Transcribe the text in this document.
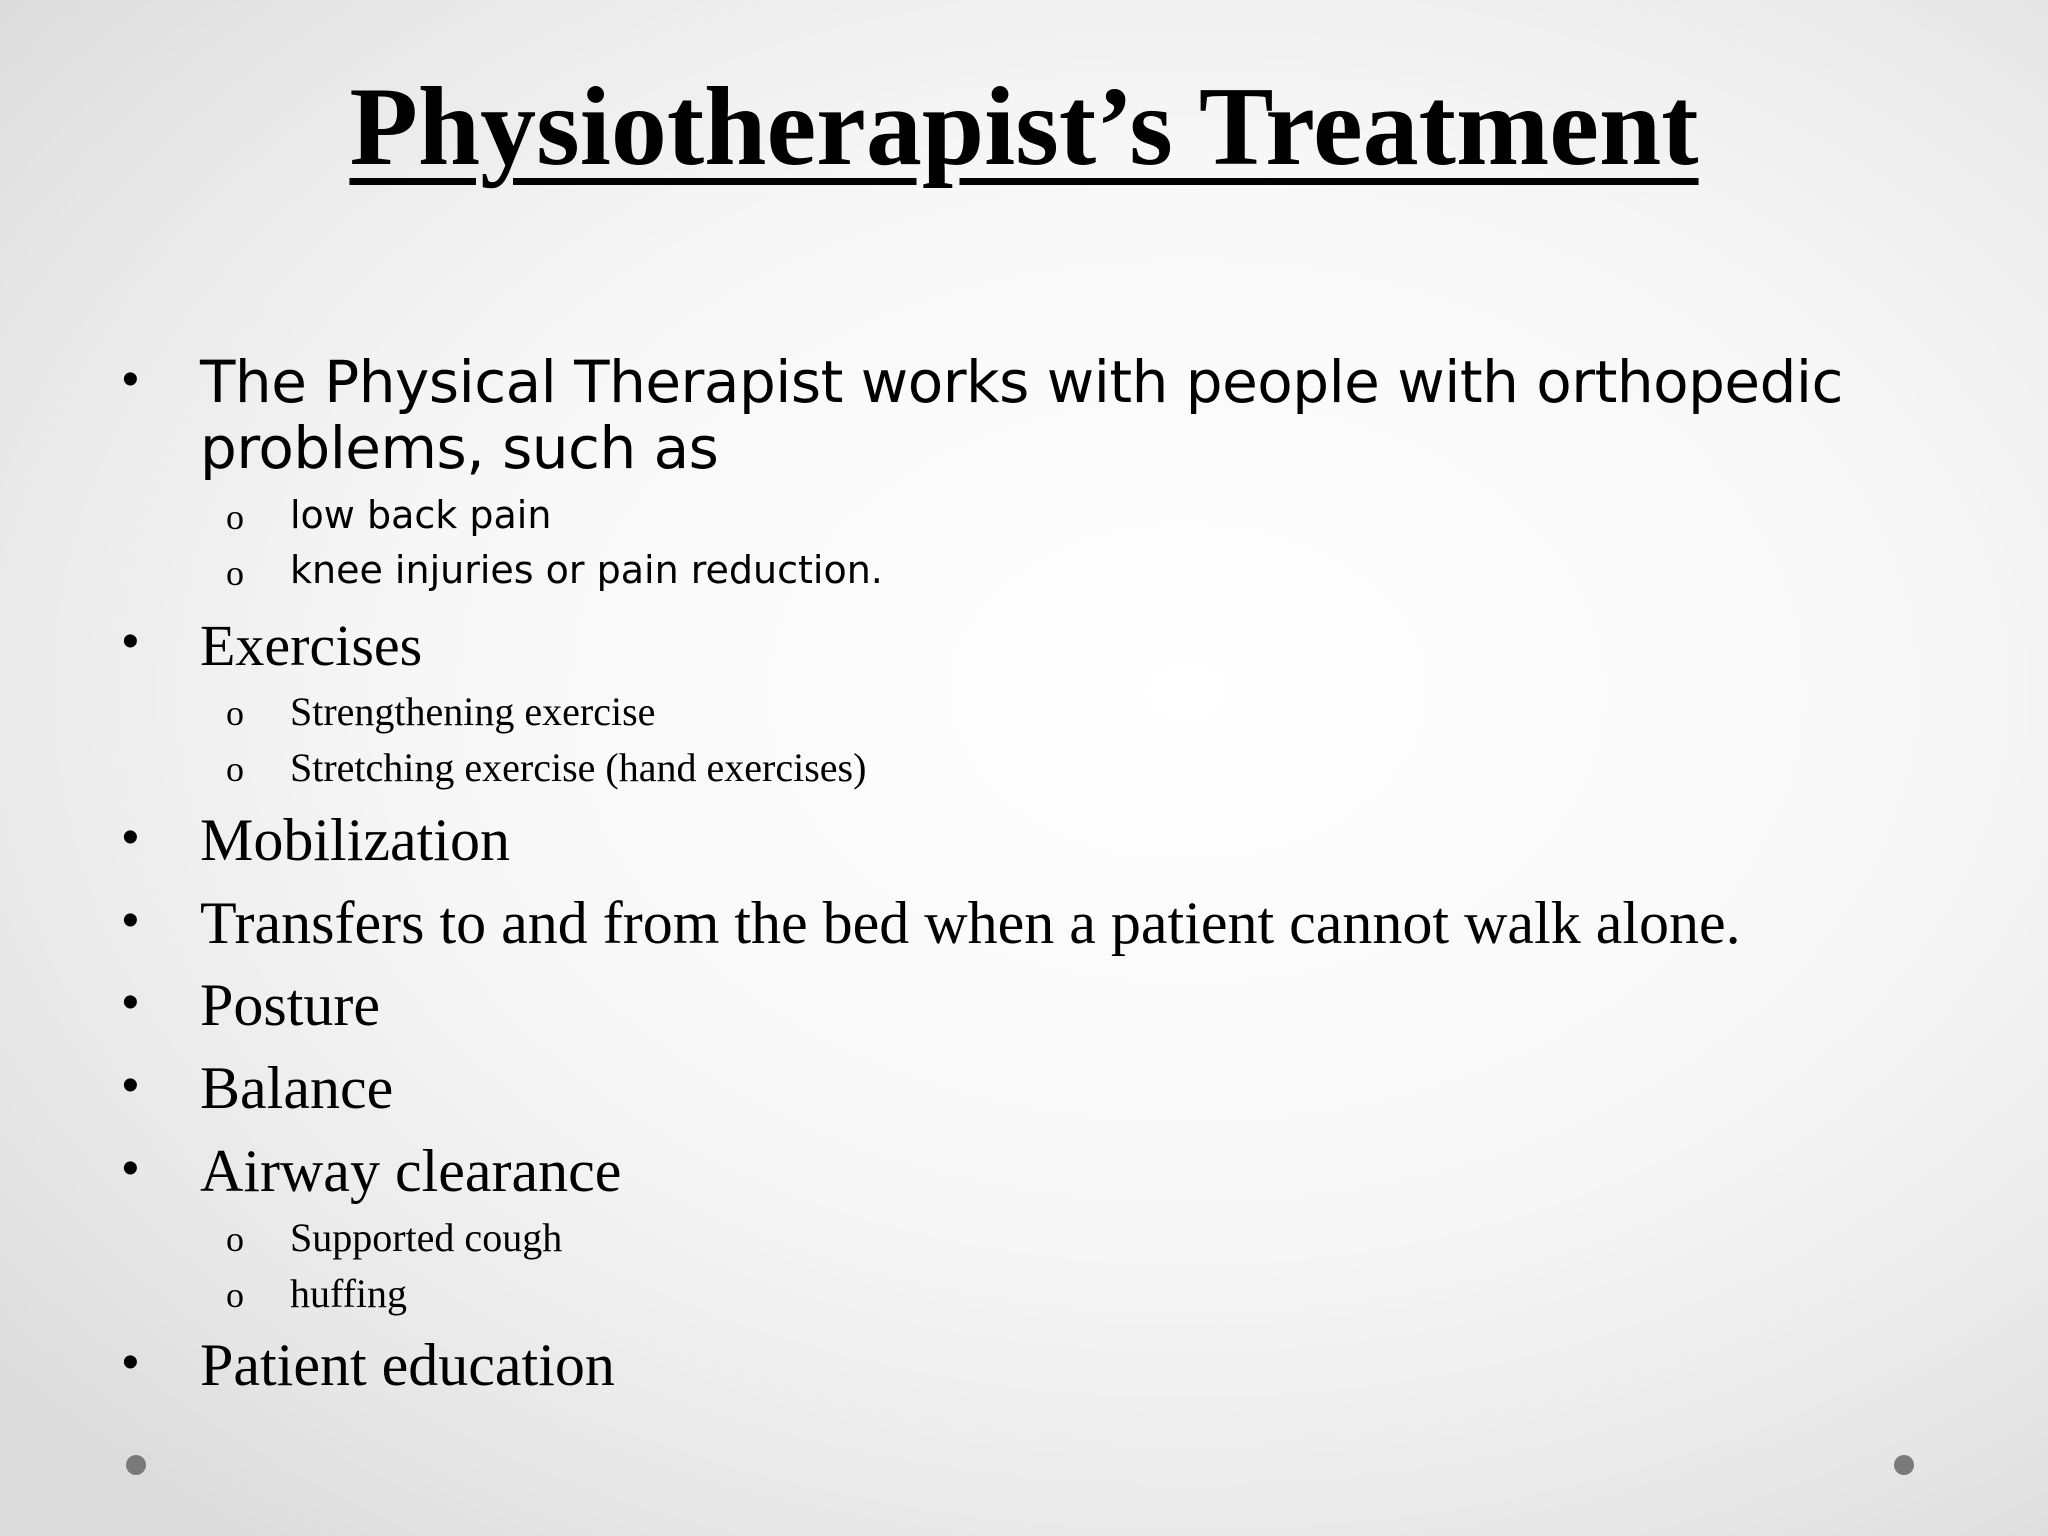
Physiotherapist’s Treatment
• The Physical Therapist works with people with orthopedic
problems, such as
o low back pain
o knee injuries or pain reduction.
• Exercises
o Strengthening exercise
o Stretching exercise (hand exercises)
• Mobilization
• Transfers to and from the bed when a patient cannot walk alone.
• Posture
• Balance
• Airway clearance
o Supported cough
o huffing
• Patient education
